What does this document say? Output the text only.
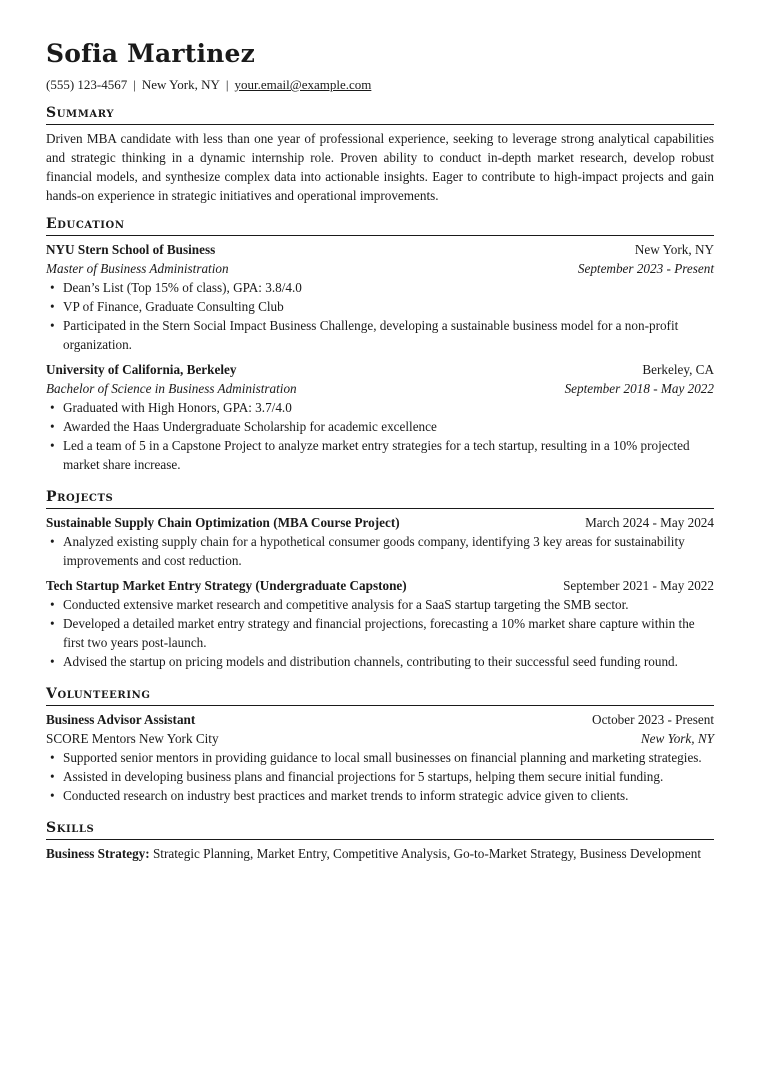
Sofia Martinez
(555) 123-4567 | New York, NY | your.email@example.com
Summary
Driven MBA candidate with less than one year of professional experience, seeking to leverage strong analytical capabilities and strategic thinking in a dynamic internship role. Proven ability to conduct in-depth market research, develop robust financial models, and synthesize complex data into actionable insights. Eager to contribute to high-impact projects and gain hands-on experience in strategic initiatives and operational improvements.
Education
NYU Stern School of Business	New York, NY
Master of Business Administration	September 2023 - Present
• Dean’s List (Top 15% of class), GPA: 3.8/4.0
• VP of Finance, Graduate Consulting Club
• Participated in the Stern Social Impact Business Challenge, developing a sustainable business model for a non-profit organization.
University of California, Berkeley	Berkeley, CA
Bachelor of Science in Business Administration	September 2018 - May 2022
• Graduated with High Honors, GPA: 3.7/4.0
• Awarded the Haas Undergraduate Scholarship for academic excellence
• Led a team of 5 in a Capstone Project to analyze market entry strategies for a tech startup, resulting in a 10% projected market share increase.
Projects
Sustainable Supply Chain Optimization (MBA Course Project)	March 2024 - May 2024
• Analyzed existing supply chain for a hypothetical consumer goods company, identifying 3 key areas for sustainability improvements and cost reduction.
Tech Startup Market Entry Strategy (Undergraduate Capstone)	September 2021 - May 2022
• Conducted extensive market research and competitive analysis for a SaaS startup targeting the SMB sector.
• Developed a detailed market entry strategy and financial projections, forecasting a 10% market share capture within the first two years post-launch.
• Advised the startup on pricing models and distribution channels, contributing to their successful seed funding round.
Volunteering
Business Advisor Assistant	October 2023 - Present
SCORE Mentors New York City	New York, NY
• Supported senior mentors in providing guidance to local small businesses on financial planning and marketing strategies.
• Assisted in developing business plans and financial projections for 5 startups, helping them secure initial funding.
• Conducted research on industry best practices and market trends to inform strategic advice given to clients.
Skills
Business Strategy: Strategic Planning, Market Entry, Competitive Analysis, Go-to-Market Strategy, Business Development
